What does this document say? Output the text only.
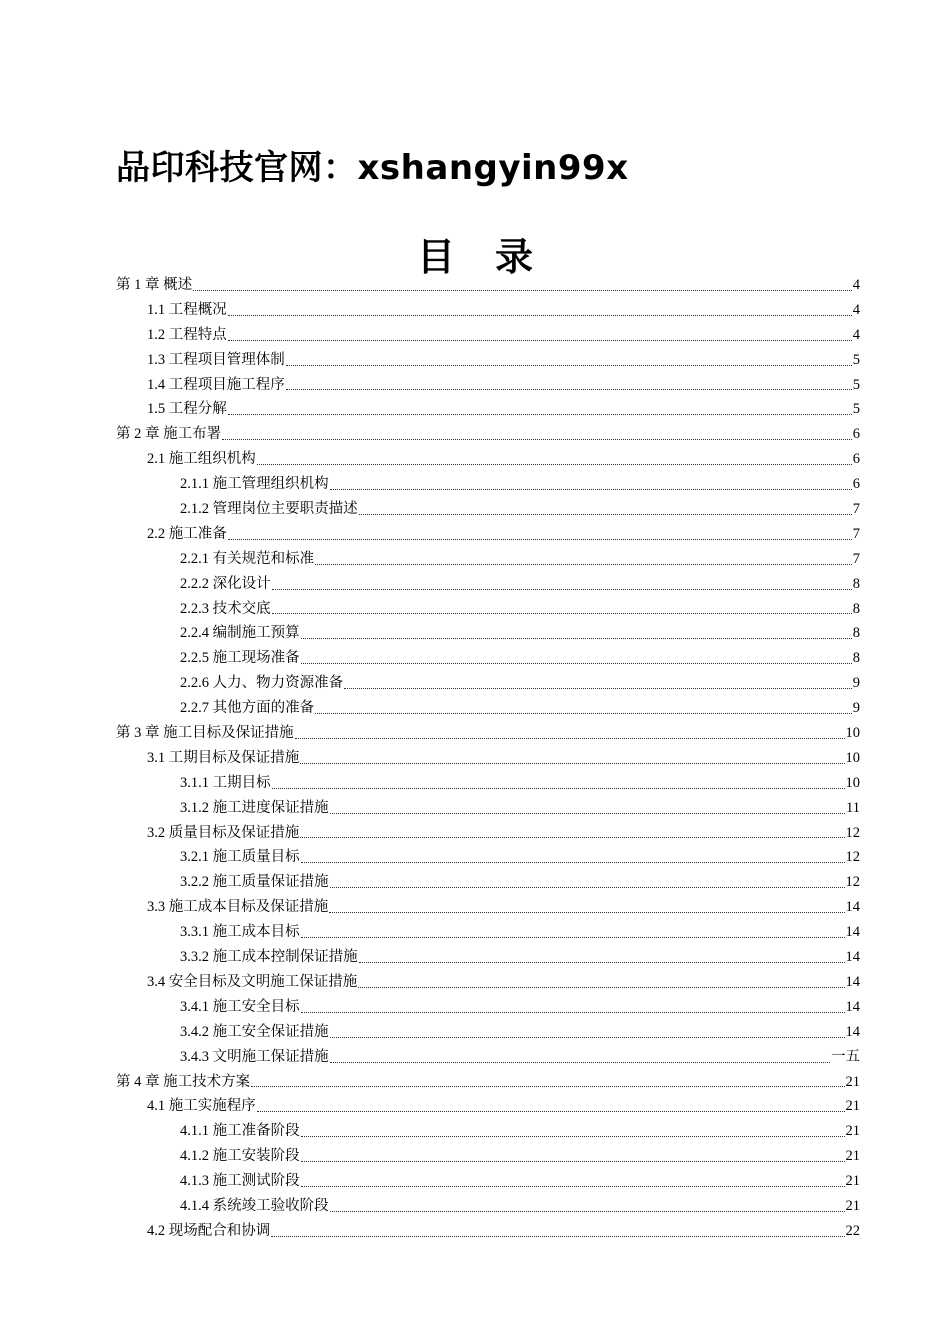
品印科技官网：xshangyin99x
目 录
第 1 章 概述	4
1.1 工程概况	4
1.2 工程特点	4
1.3 工程项目管理体制	5
1.4 工程项目施工程序	5
1.5 工程分解	5
第 2 章 施工布署	6
2.1 施工组织机构	6
2.1.1 施工管理组织机构	6
2.1.2 管理岗位主要职责描述	7
2.2 施工准备	7
2.2.1 有关规范和标准	7
2.2.2 深化设计	8
2.2.3 技术交底	8
2.2.4 编制施工预算	8
2.2.5 施工现场准备	8
2.2.6 人力、物力资源准备	9
2.2.7 其他方面的准备	9
第 3 章 施工目标及保证措施	10
3.1 工期目标及保证措施	10
3.1.1 工期目标	10
3.1.2 施工进度保证措施	11
3.2 质量目标及保证措施	12
3.2.1 施工质量目标	12
3.2.2 施工质量保证措施	12
3.3 施工成本目标及保证措施	14
3.3.1 施工成本目标	14
3.3.2 施工成本控制保证措施	14
3.4 安全目标及文明施工保证措施	14
3.4.1 施工安全目标	14
3.4.2 施工安全保证措施	14
3.4.3 文明施工保证措施	一五
第 4 章 施工技术方案	21
4.1 施工实施程序	21
4.1.1 施工准备阶段	21
4.1.2 施工安装阶段	21
4.1.3 施工测试阶段	21
4.1.4 系统竣工验收阶段	21
4.2 现场配合和协调	22
